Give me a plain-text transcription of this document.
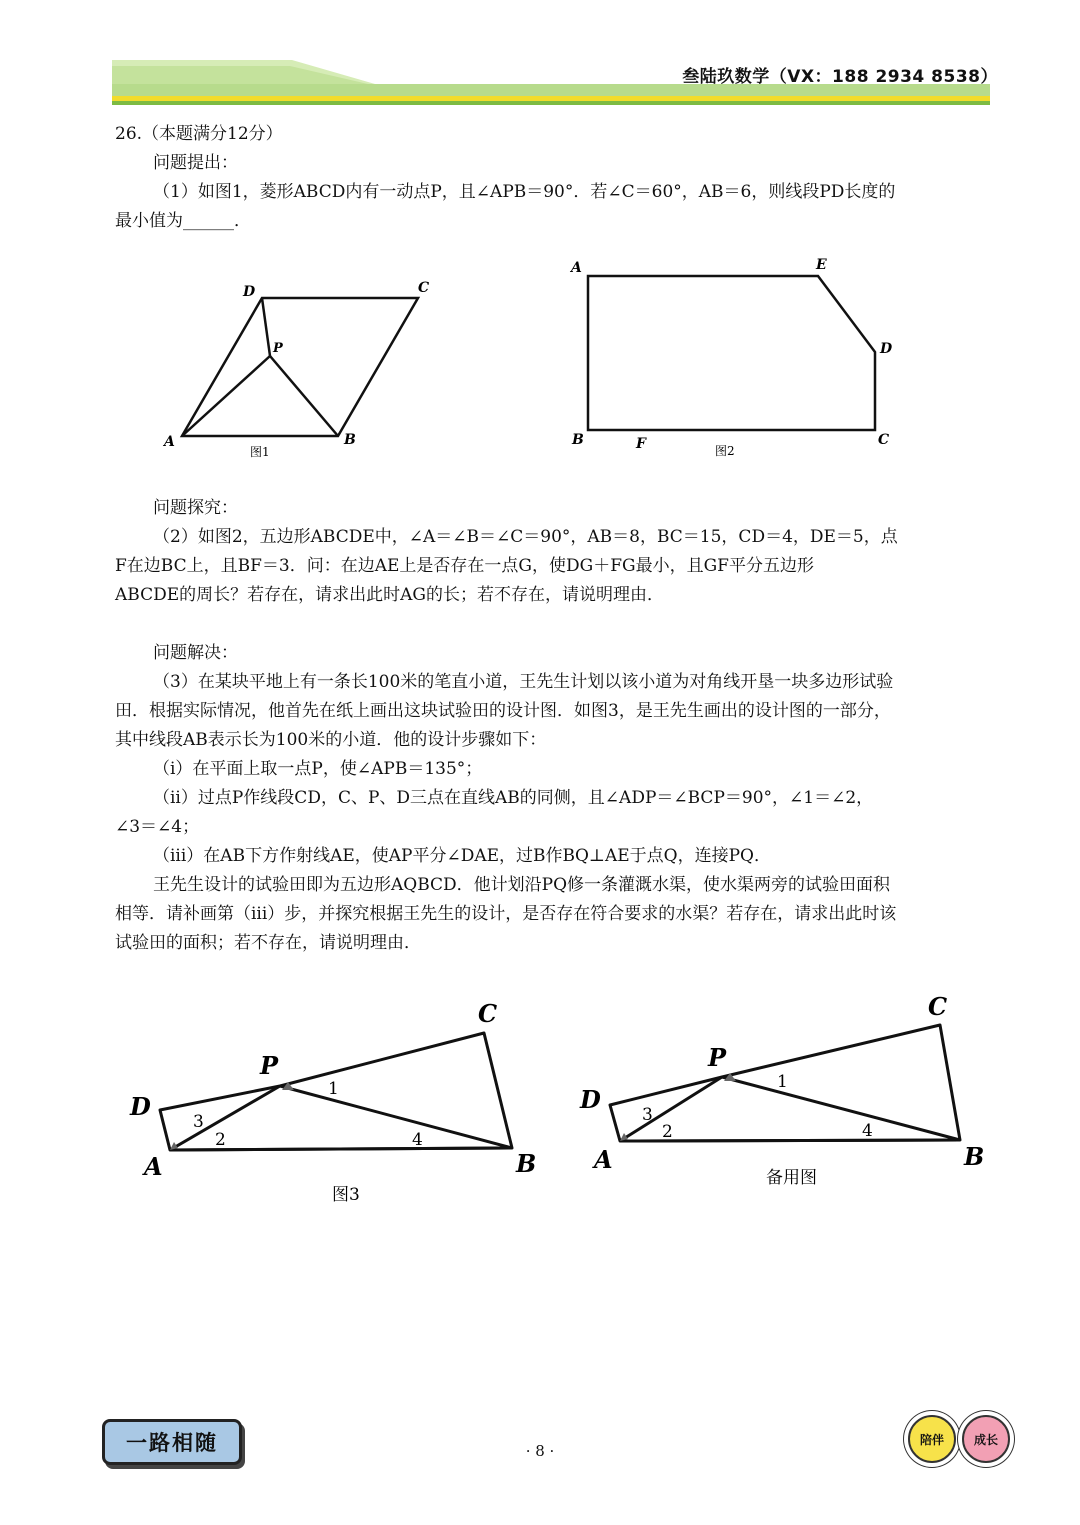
叁陆玖数学（VX：188 2934 8538）

26.（本题满分12分）

问题提出：

（1）如图1，菱形ABCD内有一动点P，且∠APB＝90°．若∠C＝60°，AB＝6，则线段PD长度的

最小值为______．

问题探究：

（2）如图2，五边形ABCDE中，∠A＝∠B＝∠C＝90°，AB＝8，BC＝15，CD＝4，DE＝5，点

F在边BC上，且BF＝3．问：在边AE上是否存在一点G，使DG＋FG最小，且GF平分五边形

ABCDE的周长？若存在，请求出此时AG的长；若不存在，请说明理由．

问题解决：

（3）在某块平地上有一条长100米的笔直小道，王先生计划以该小道为对角线开垦一块多边形试验

田．根据实际情况，他首先在纸上画出这块试验田的设计图．如图3，是王先生画出的设计图的一部分，

其中线段AB表示长为100米的小道．他的设计步骤如下：

（i）在平面上取一点P，使∠APB＝135°；

（ii）过点P作线段CD，C、P、D三点在直线AB的同侧，且∠ADP＝∠BCP＝90°，∠1＝∠2，

∠3＝∠4；

（iii）在AB下方作射线AE，使AP平分∠DAE，过B作BQ⊥AE于点Q，连接PQ．

王先生设计的试验田即为五边形AQBCD．他计划沿PQ修一条灌溉水渠，使水渠两旁的试验田面积

相等．请补画第（iii）步，并探究根据王先生的设计，是否存在符合要求的水渠？若存在，请求出此时该

试验田的面积；若不存在，请说明理由．

A	B
C
D
P
图1
A
B	C
D
E
F	图2
A	B
C
D
P
1
2
3
4
图3
A	B
C
D
P
1
2
3
4
备用图
一路相随	· 8 ·
陪伴	成长
